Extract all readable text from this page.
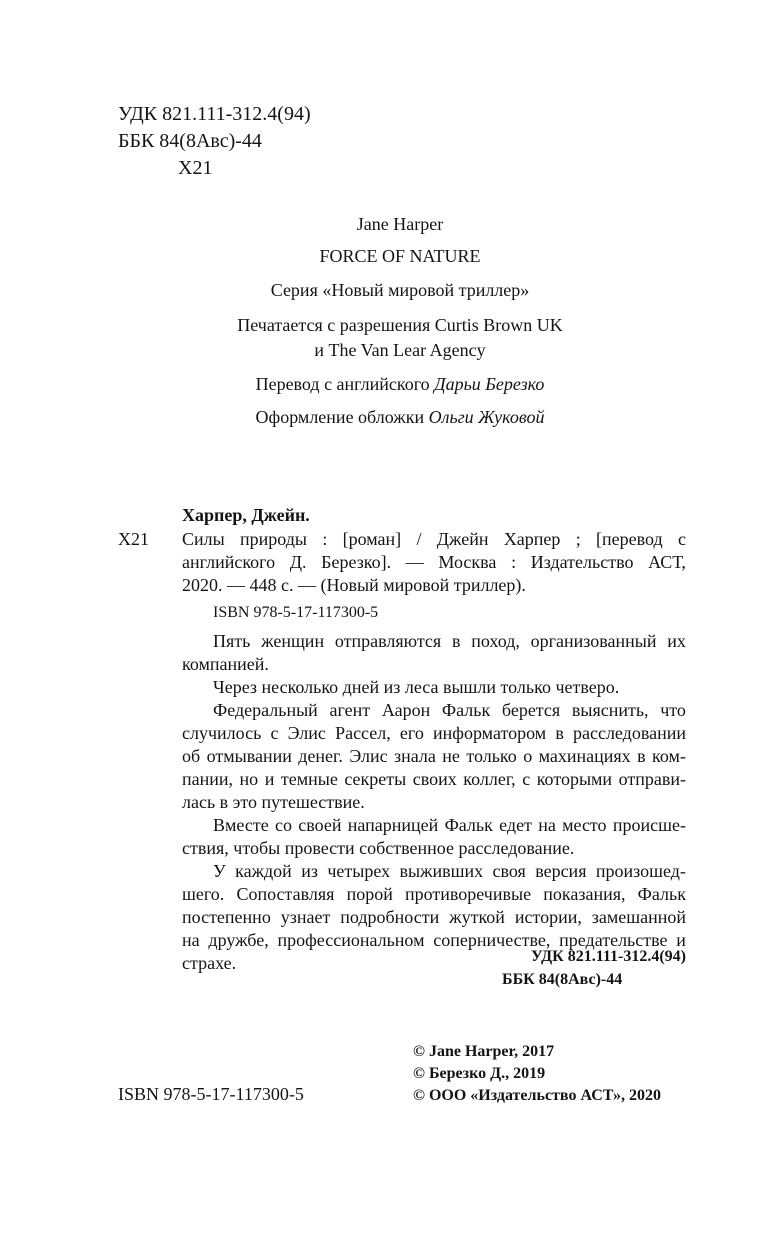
УДК 821.111-312.4(94)
ББК 84(8Авс)-44
Х21
Jane Harper
FORCE OF NATURE
Серия «Новый мировой триллер»
Печатается с разрешения Curtis Brown UK
и The Van Lear Agency
Перевод с английского Дарьи Березко
Оформление обложки Ольги Жуковой
Харпер, Джейн.
Х21 Силы природы : [роман] / Джейн Харпер ; [перевод с
английского Д. Березко]. — Москва : Издательство АСТ,
2020. — 448 с. — (Новый мировой триллер).
ISBN 978-5-17-117300-5
Пять женщин отправляются в поход, организованный их
компанией.
Через несколько дней из леса вышли только четверо.
Федеральный агент Аарон Фальк берется выяснить, что
случилось с Элис Рассел, его информатором в расследовании
об отмывании денег. Элис знала не только о махинациях в ком-
пании, но и темные секреты своих коллег, с которыми отправи-
лась в это путешествие.
Вместе со своей напарницей Фальк едет на место происше-
ствия, чтобы провести собственное расследование.
У каждой из четырех выживших своя версия произошед-
шего. Сопоставляя порой противоречивые показания, Фальк
постепенно узнает подробности жуткой истории, замешанной
на дружбе, профессиональном соперничестве, предательстве и
страхе.	УДК 821.111-312.4(94)
ББК 84(8Авс)-44
© Jane Harper, 2017
© Березко Д., 2019
© ООО «Издательство АСТ», 2020
ISBN 978-5-17-117300-5
